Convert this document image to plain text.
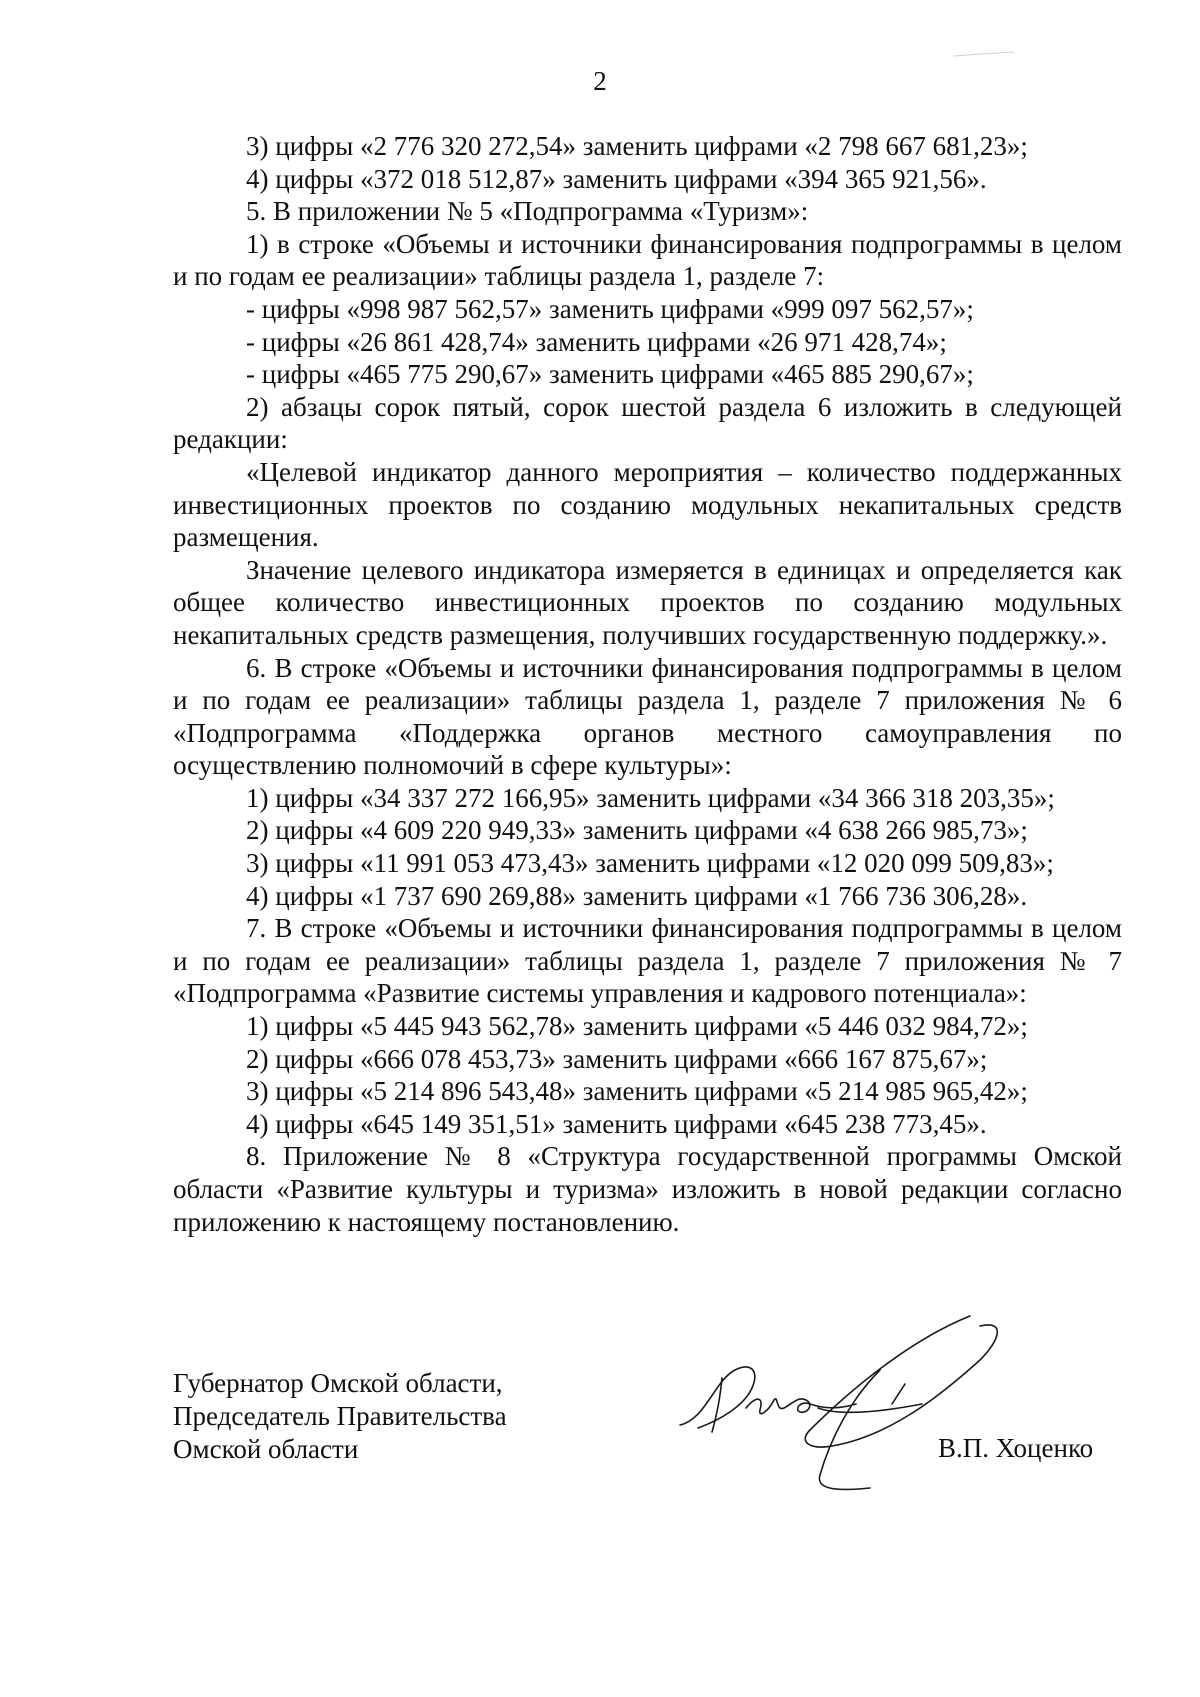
2

3) цифры «2 776 320 272,54» заменить цифрами «2 798 667 681,23»;

4) цифры «372 018 512,87» заменить цифрами «394 365 921,56».

5. В приложении № 5 «Подпрограмма «Туризм»:

1) в строке «Объемы и источники финансирования подпрограммы в целом и по годам ее реализации» таблицы раздела 1, разделе 7:

- цифры «998 987 562,57» заменить цифрами «999 097 562,57»;

- цифры «26 861 428,74» заменить цифрами «26 971 428,74»;

- цифры «465 775 290,67» заменить цифрами «465 885 290,67»;

2) абзацы сорок пятый, сорок шестой раздела 6 изложить в следующей редакции:

«Целевой индикатор данного мероприятия – количество поддержанных инвестиционных проектов по созданию модульных некапитальных средств размещения.

Значение целевого индикатора измеряется в единицах и определяется как общее количество инвестиционных проектов по созданию модульных некапитальных средств размещения, получивших государственную поддержку.».

6. В строке «Объемы и источники финансирования подпрограммы в целом и по годам ее реализации» таблицы раздела 1, разделе 7 приложения № 6 «Подпрограмма «Поддержка органов местного самоуправления по осуществлению полномочий в сфере культуры»:

1) цифры «34 337 272 166,95» заменить цифрами «34 366 318 203,35»;

2) цифры «4 609 220 949,33» заменить цифрами «4 638 266 985,73»;

3) цифры «11 991 053 473,43» заменить цифрами «12 020 099 509,83»;

4) цифры «1 737 690 269,88» заменить цифрами «1 766 736 306,28».

7. В строке «Объемы и источники финансирования подпрограммы в целом и по годам ее реализации» таблицы раздела 1, разделе 7 приложения № 7 «Подпрограмма «Развитие системы управления и кадрового потенциала»:

1) цифры «5 445 943 562,78» заменить цифрами «5 446 032 984,72»;

2) цифры «666 078 453,73» заменить цифрами «666 167 875,67»;

3) цифры «5 214 896 543,48» заменить цифрами «5 214 985 965,42»;

4) цифры «645 149 351,51» заменить цифрами «645 238 773,45».

8. Приложение № 8 «Структура государственной программы Омской области «Развитие культуры и туризма» изложить в новой редакции согласно приложению к настоящему постановлению.

Губернатор Омской области,
Председатель Правительства
Омской области	В.П. Хоценко
